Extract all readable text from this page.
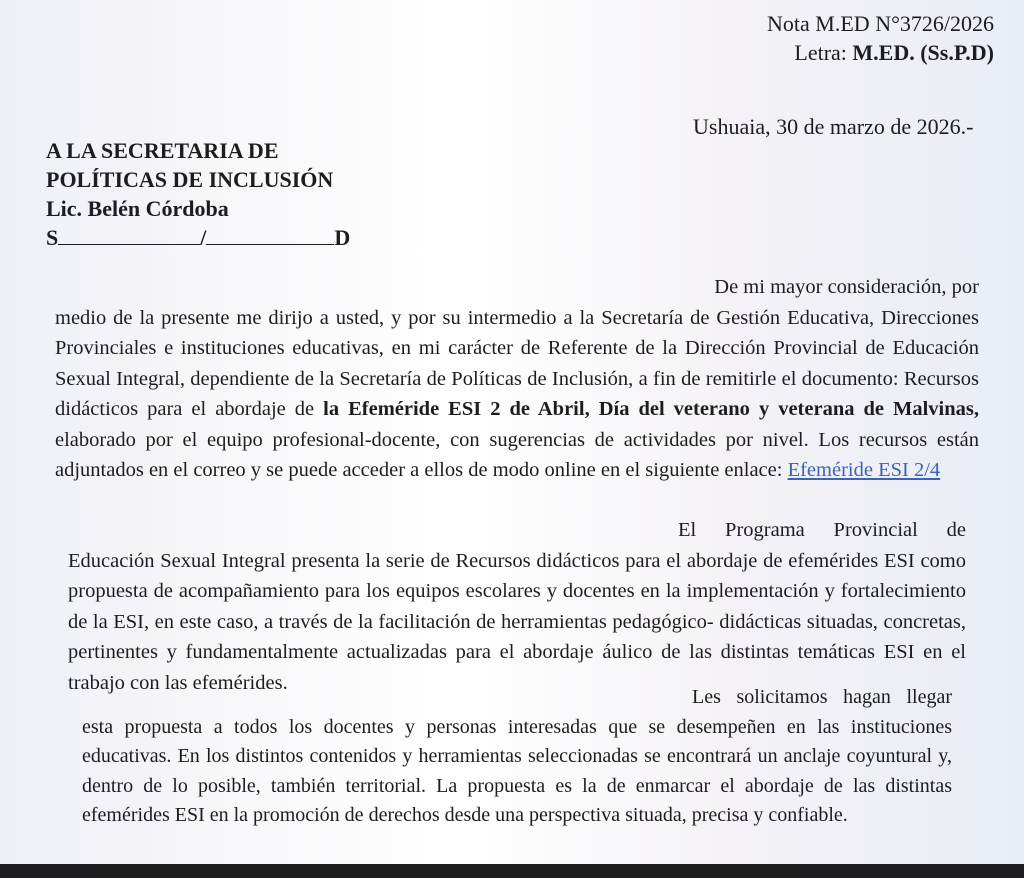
Nota M.ED N°3726/2026
Letra: M.ED. (Ss.P.D)
Ushuaia, 30 de marzo de 2026.-
A LA SECRETARIA DE
POLÍTICAS DE INCLUSIÓN
Lic. Belén Córdoba
S	/	D
De mi mayor consideración, por
medio de la presente me dirijo a usted, y por su intermedio a la Secretaría de Gestión Educativa, Direcciones Provinciales e instituciones educativas, en mi carácter de Referente de la Dirección Provincial de Educación Sexual Integral, dependiente de la Secretaría de Políticas de Inclusión, a fin de remitirle el documento: Recursos didácticos para el abordaje de la Efeméride ESI 2 de Abril, Día del veterano y veterana de Malvinas, elaborado por el equipo profesional-docente, con sugerencias de actividades por nivel. Los recursos están adjuntados en el correo y se puede acceder a ellos de modo online en el siguiente enlace: Efeméride ESI 2/4
El Programa Provincial de
Educación Sexual Integral presenta la serie de Recursos didácticos para el abordaje de efemérides ESI como propuesta de acompañamiento para los equipos escolares y docentes en la implementación y fortalecimiento de la ESI, en este caso, a través de la facilitación de herramientas pedagógico- didácticas situadas, concretas, pertinentes y fundamentalmente actualizadas para el abordaje áulico de las distintas temáticas ESI en el trabajo con las efemérides.
Les solicitamos hagan llegar
esta propuesta a todos los docentes y personas interesadas que se desempeñen en las instituciones educativas. En los distintos contenidos y herramientas seleccionadas se encontrará un anclaje coyuntural y, dentro de lo posible, también territorial. La propuesta es la de enmarcar el abordaje de las distintas efemérides ESI en la promoción de derechos desde una perspectiva situada, precisa y confiable.
